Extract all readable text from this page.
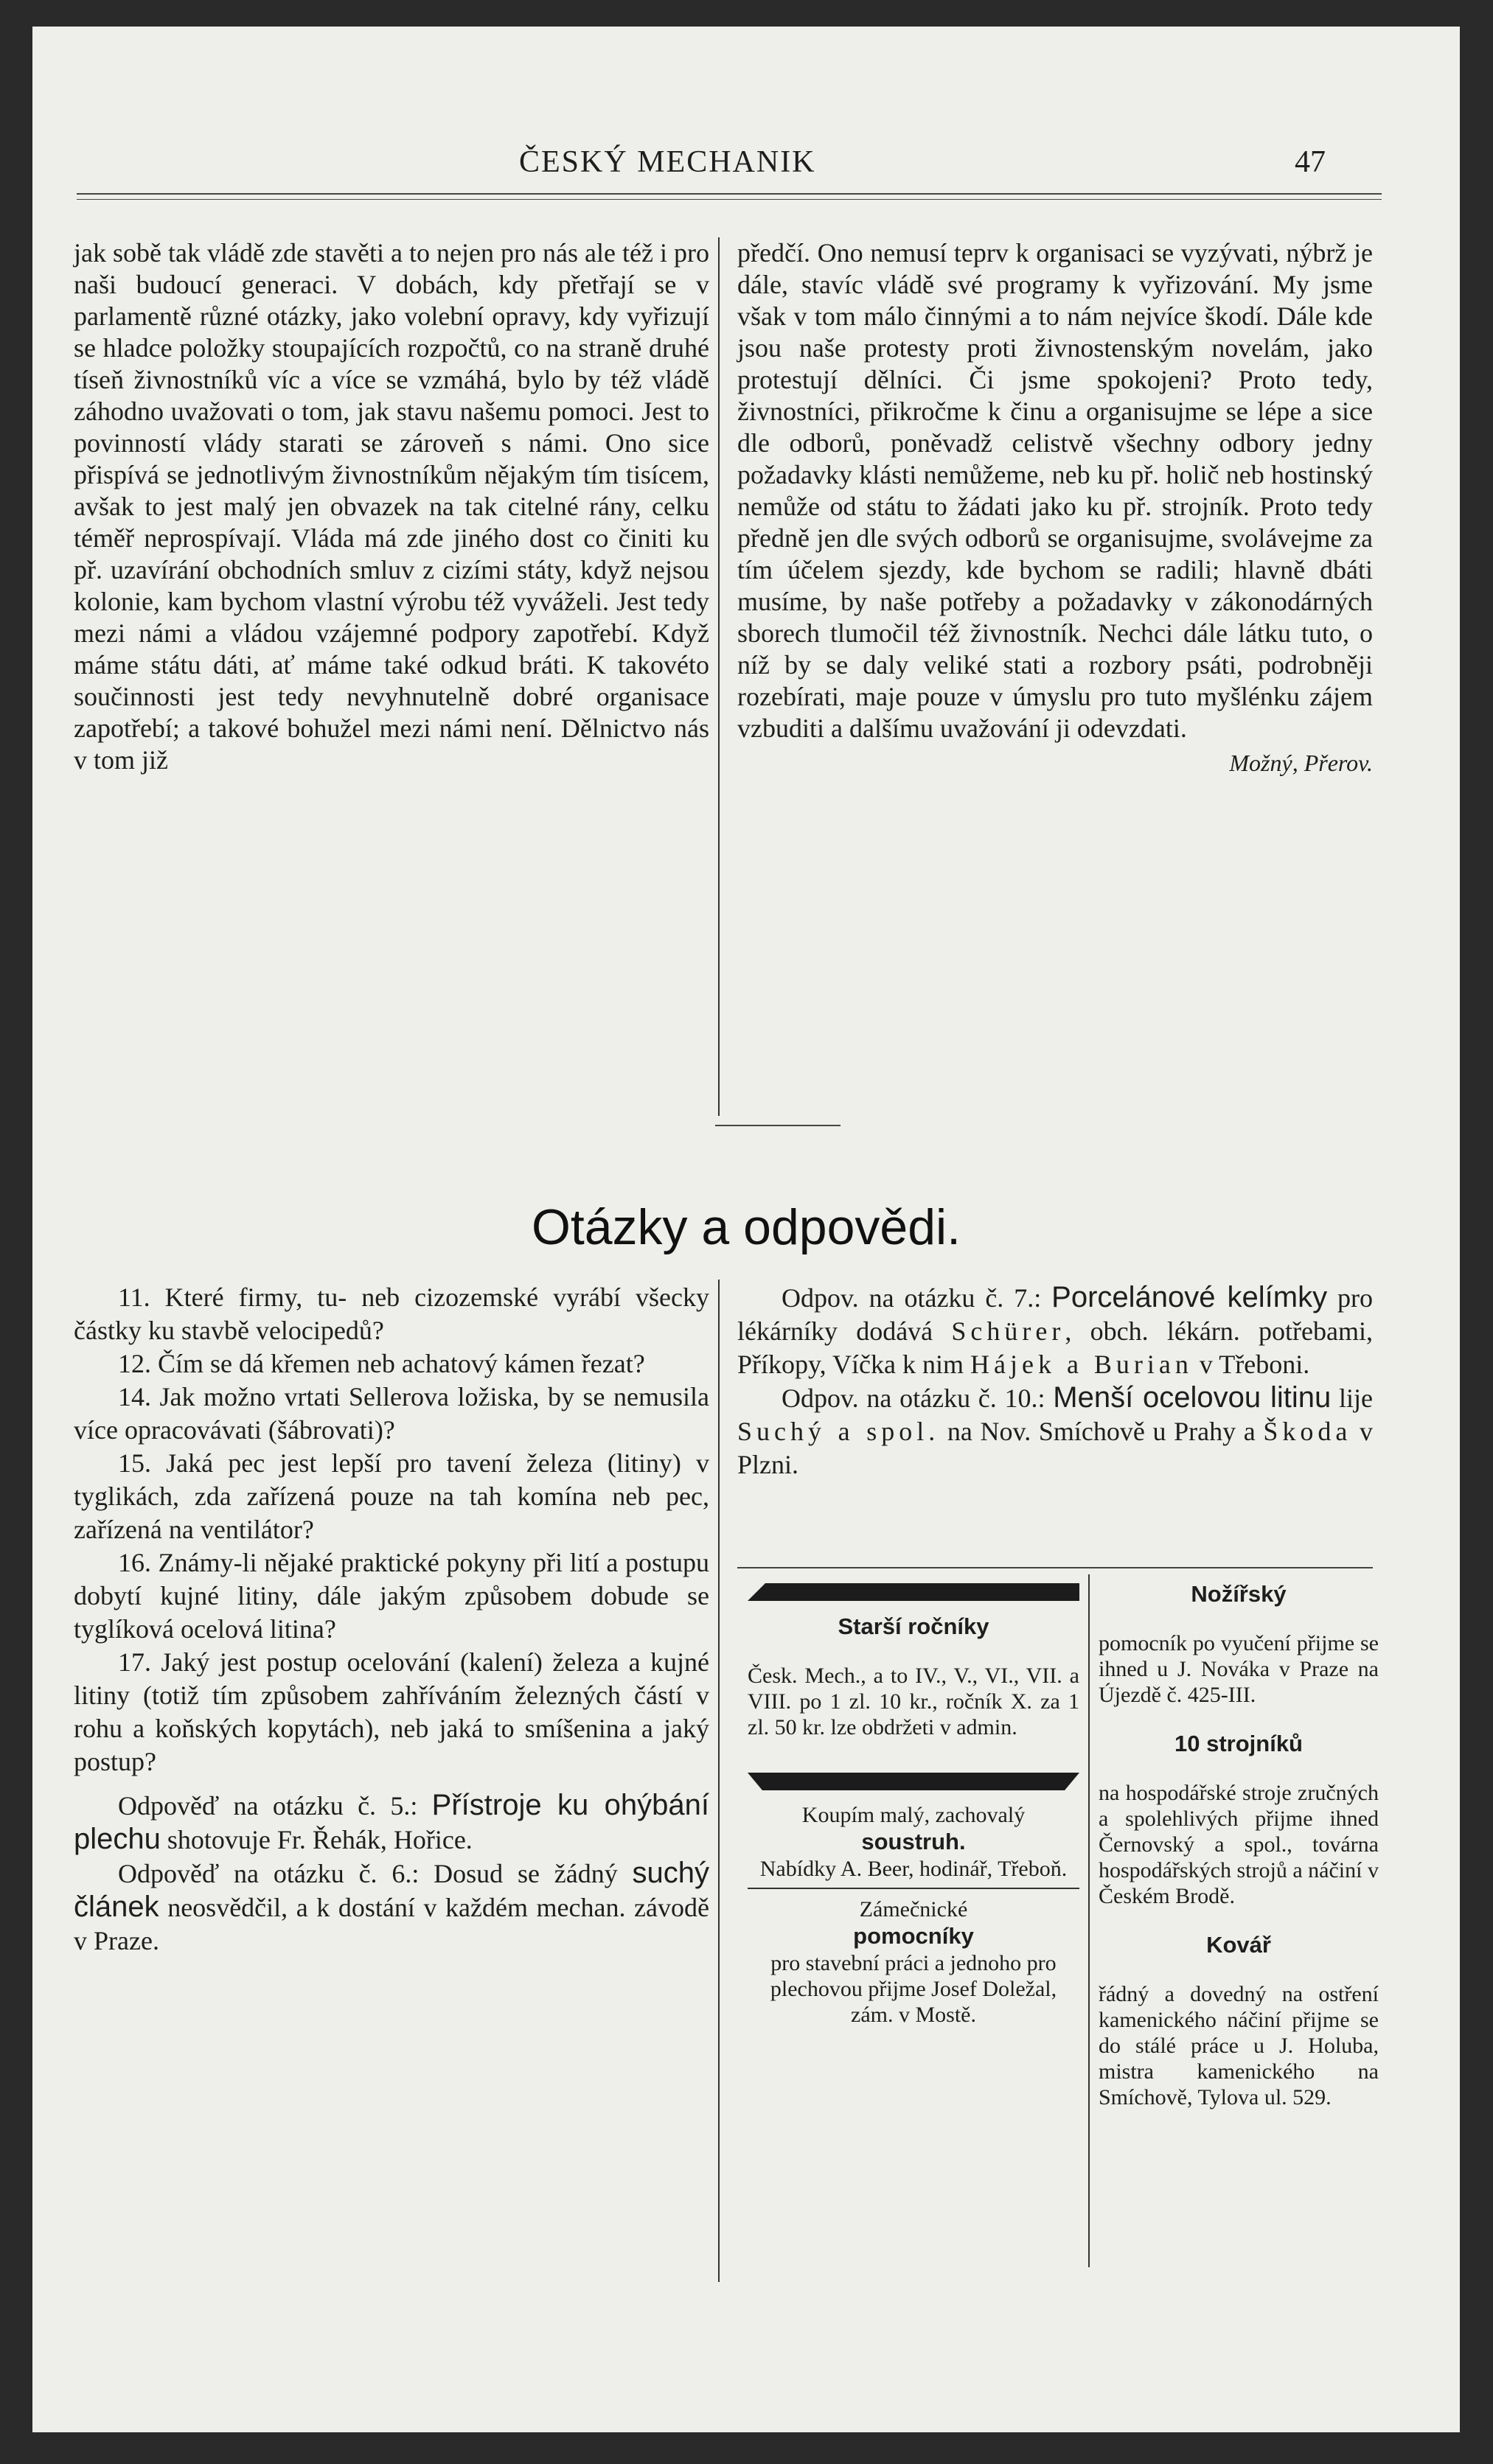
ČESKÝ MECHANIK	47

jak sobě tak vládě zde stavěti a to nejen pro nás ale též i pro naši budoucí generaci. V dobách, kdy přetřají se v parlamentě různé otázky, jako volební opravy, kdy vyřizují se hladce položky stoupajících rozpočtů, co na straně druhé tíseň živnostníků víc a více se vzmáhá, bylo by též vládě záhodno uvažovati o tom, jak stavu našemu pomoci. Jest to povinností vlády starati se zároveň s námi. Ono sice přispívá se jednotlivým živnostníkům nějakým tím tisícem, avšak to jest malý jen obvazek na tak citelné rány, celku téměř neprospívají. Vláda má zde jiného dost co činiti ku př. uzavírání obchodních smluv z cizími státy, když nejsou kolonie, kam bychom vlastní výrobu též vyváželi. Jest tedy mezi námi a vládou vzájemné podpory zapotřebí. Když máme státu dáti, ať máme také odkud bráti. K takovéto součinnosti jest tedy nevyhnutelně dobré organisace zapotřebí; a takové bohužel mezi námi není. Dělnictvo nás v tom již

předčí. Ono nemusí teprv k organisaci se vyzývati, nýbrž je dále, stavíc vládě své programy k vyřizování. My jsme však v tom málo činnými a to nám nejvíce škodí. Dále kde jsou naše protesty proti živnostenským novelám, jako protestují dělníci. Či jsme spokojeni? Proto tedy, živnostníci, přikročme k činu a organisujme se lépe a sice dle odborů, poněvadž celistvě všechny odbory jedny požadavky klásti nemůžeme, neb ku př. holič neb hostinský nemůže od státu to žádati jako ku př. strojník. Proto tedy předně jen dle svých odborů se organisujme, svolávejme za tím účelem sjezdy, kde bychom se radili; hlavně dbáti musíme, by naše potřeby a požadavky v zákonodárných sborech tlumočil též živnostník. Nechci dále látku tuto, o níž by se daly veliké stati a rozbory psáti, podrobněji rozebírati, maje pouze v úmyslu pro tuto myšlénku zájem vzbuditi a dalšímu uvažování ji odevzdati.

Možný, Přerov.
Otázky a odpovědi.

11. Které firmy, tu- neb cizozemské vyrábí všecky částky ku stavbě velocipedů?

12. Čím se dá křemen neb achatový kámen řezat?

14. Jak možno vrtati Sellerova ložiska, by se nemusila více opracovávati (šábrovati)?

15. Jaká pec jest lepší pro tavení železa (litiny) v tyglikách, zda zařízená pouze na tah komína neb pec, zařízená na ventilátor?

16. Známy-li nějaké praktické pokyny při lití a postupu dobytí kujné litiny, dále jakým způsobem dobude se tyglíková ocelová litina?

17. Jaký jest postup ocelování (kalení) železa a kujné litiny (totiž tím způsobem zahříváním železných částí v rohu a koňských kopytách), neb jaká to smíšenina a jaký postup?

Odpověď na otázku č. 5.: Přístroje ku ohýbání plechu shotovuje Fr. Řehák, Hořice.

Odpověď na otázku č. 6.: Dosud se žádný suchý článek neosvědčil, a k dostání v každém mechan. závodě v Praze.

Odpov. na otázku č. 7.: Porcelánové kelímky pro lékárníky dodává Schürer, obch. lékárn. potřebami, Příkopy, Víčka k nim Hájek a Burian v Třeboni.

Odpov. na otázku č. 10.: Menší ocelovou litinu lije Suchý a spol. na Nov. Smíchově u Prahy a Škoda v Plzni.

Starší ročníky

Česk. Mech., a to IV., V., VI., VII. a VIII. po 1 zl. 10 kr., ročník X. za 1 zl. 50 kr. lze obdržeti v admin.

Koupím malý, zachovalý

soustruh.

Nabídky A. Beer, hodinář, Třeboň.

Zámečnické

pomocníky

pro stavební práci a jednoho pro plechovou přijme Josef Doležal, zám. v Mostě.

Nožířský

pomocník po vyučení přijme se ihned u J. Nováka v Praze na Újezdě č. 425-III.

10 strojníků

na hospodářské stroje zručných a spolehlivých přijme ihned Černovský a spol., továrna hospodářských strojů a náčiní v Českém Brodě.

Kovář

řádný a dovedný na ostření kamenického náčiní přijme se do stálé práce u J. Holuba, mistra kamenického na Smíchově, Tylova ul. 529.
